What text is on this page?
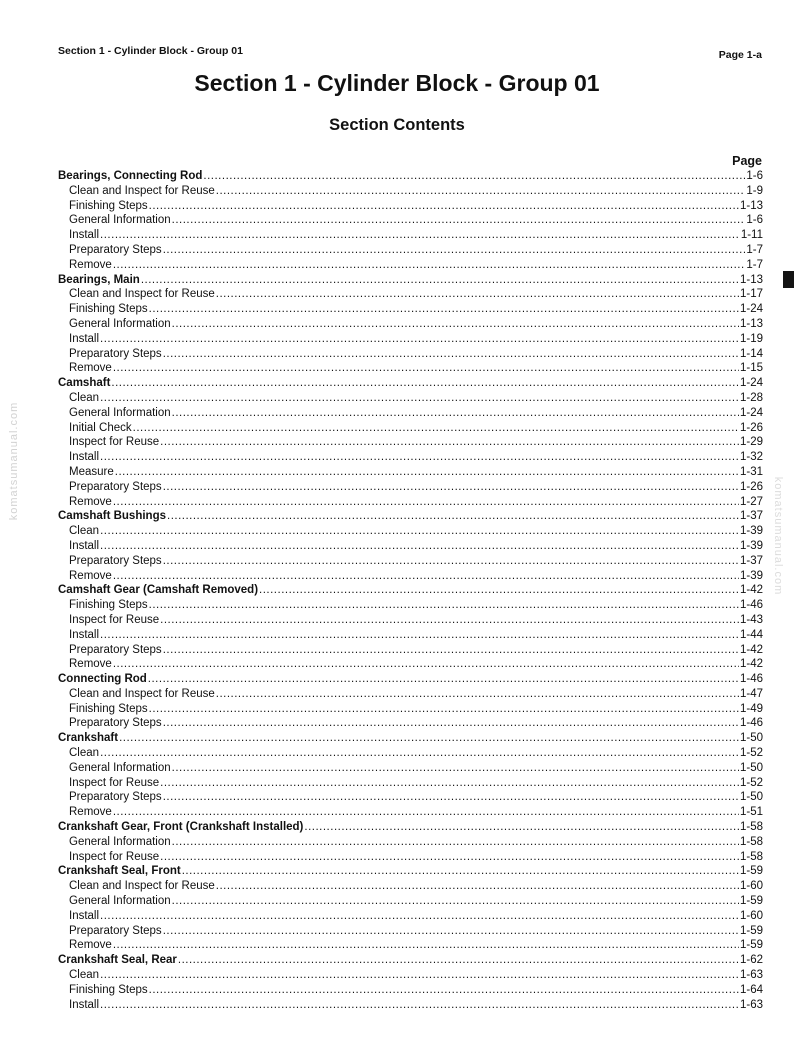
Section 1 - Cylinder Block - Group 01	Page 1-a
Section 1 - Cylinder Block - Group 01
Section Contents
Page
Bearings, Connecting Rod .....	1-6
Clean and Inspect for Reuse .....	1-9
Finishing Steps .....	1-13
General Information .....	1-6
Install .....	1-11
Preparatory Steps .....	1-7
Remove .....	1-7
Bearings, Main .....	1-13
Clean and Inspect for Reuse .....	1-17
Finishing Steps .....	1-24
General Information .....	1-13
Install .....	1-19
Preparatory Steps .....	1-14
Remove .....	1-15
Camshaft .....	1-24
Clean .....	1-28
General Information .....	1-24
Initial Check .....	1-26
Inspect for Reuse .....	1-29
Install .....	1-32
Measure .....	1-31
Preparatory Steps .....	1-26
Remove .....	1-27
Camshaft Bushings .....	1-37
Clean .....	1-39
Install .....	1-39
Preparatory Steps .....	1-37
Remove .....	1-39
Camshaft Gear (Camshaft Removed) .....	1-42
Finishing Steps .....	1-46
Inspect for Reuse .....	1-43
Install .....	1-44
Preparatory Steps .....	1-42
Remove .....	1-42
Connecting Rod .....	1-46
Clean and Inspect for Reuse .....	1-47
Finishing Steps .....	1-49
Preparatory Steps .....	1-46
Crankshaft .....	1-50
Clean .....	1-52
General Information .....	1-50
Inspect for Reuse .....	1-52
Preparatory Steps .....	1-50
Remove .....	1-51
Crankshaft Gear, Front (Crankshaft Installed) .....	1-58
General Information .....	1-58
Inspect for Reuse .....	1-58
Crankshaft Seal, Front .....	1-59
Clean and Inspect for Reuse .....	1-60
General Information .....	1-59
Install .....	1-60
Preparatory Steps .....	1-59
Remove .....	1-59
Crankshaft Seal, Rear .....	1-62
Clean .....	1-63
Finishing Steps .....	1-64
Install .....	1-63
komatsumanual.com
komatsumanual.com
